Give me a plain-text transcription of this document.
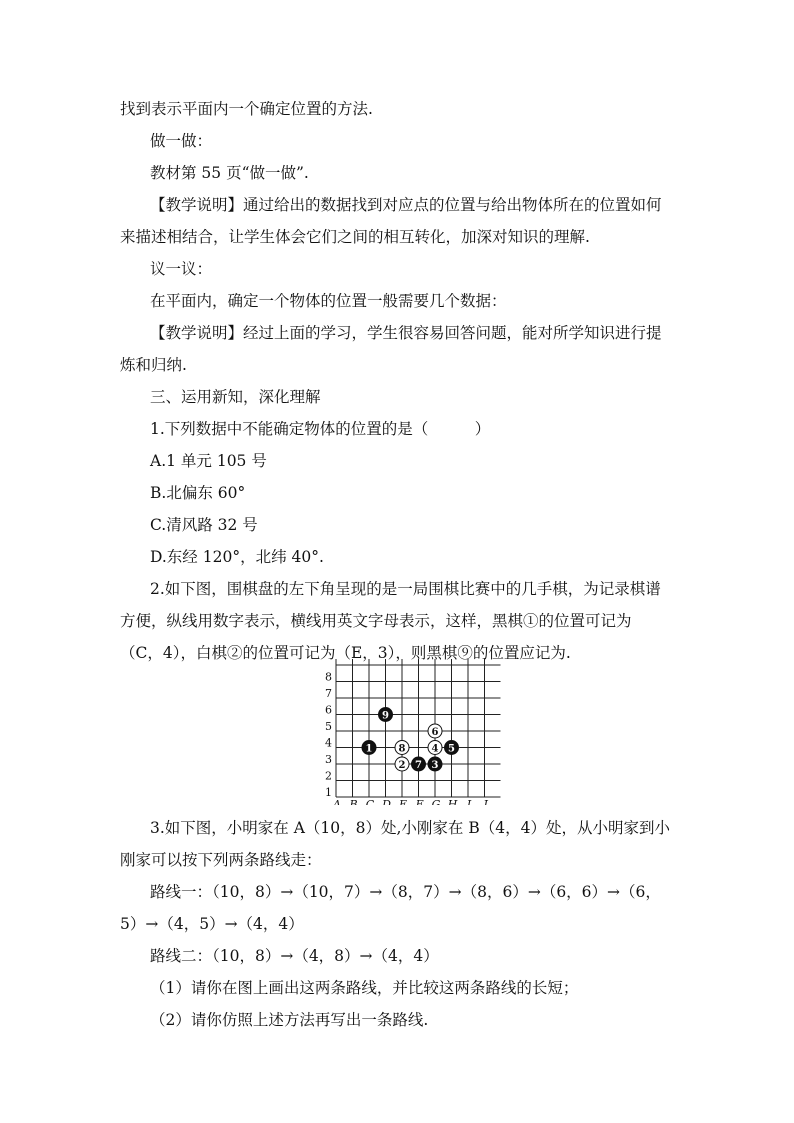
找到表示平面内一个确定位置的方法.
做一做：
教材第 55 页“做一做”.
【教学说明】通过给出的数据找到对应点的位置与给出物体所在的位置如何
来描述相结合，让学生体会它们之间的相互转化，加深对知识的理解.
议一议：
在平面内，确定一个物体的位置一般需要几个数据：
【教学说明】经过上面的学习，学生很容易回答问题，能对所学知识进行提
炼和归纳.
三、运用新知，深化理解
1.下列数据中不能确定物体的位置的是（　　　）
A.1 单元 105 号
B.北偏东 60°
C.清风路 32 号
D.东经 120°，北纬 40°.
2.如下图，围棋盘的左下角呈现的是一局围棋比赛中的几手棋，为记录棋谱
方便，纵线用数字表示，横线用英文字母表示，这样，黑棋①的位置可记为
（C，4），白棋②的位置可记为（E，3），则黑棋⑨的位置应记为.
8
7
6
5
4
3
2
1
A B C D E F G H I J
9
6
1	8	4 5
2 7 3
3.如下图，小明家在 A（10，8）处,小刚家在 B（4，4）处，从小明家到小
刚家可以按下列两条路线走：
路线一：（10，8）→（10，7）→（8，7）→（8，6）→（6，6）→（6，
5）→（4，5）→（4，4）
路线二：（10，8）→（4，8）→（4，4）
（1）请你在图上画出这两条路线，并比较这两条路线的长短；
（2）请你仿照上述方法再写出一条路线.
